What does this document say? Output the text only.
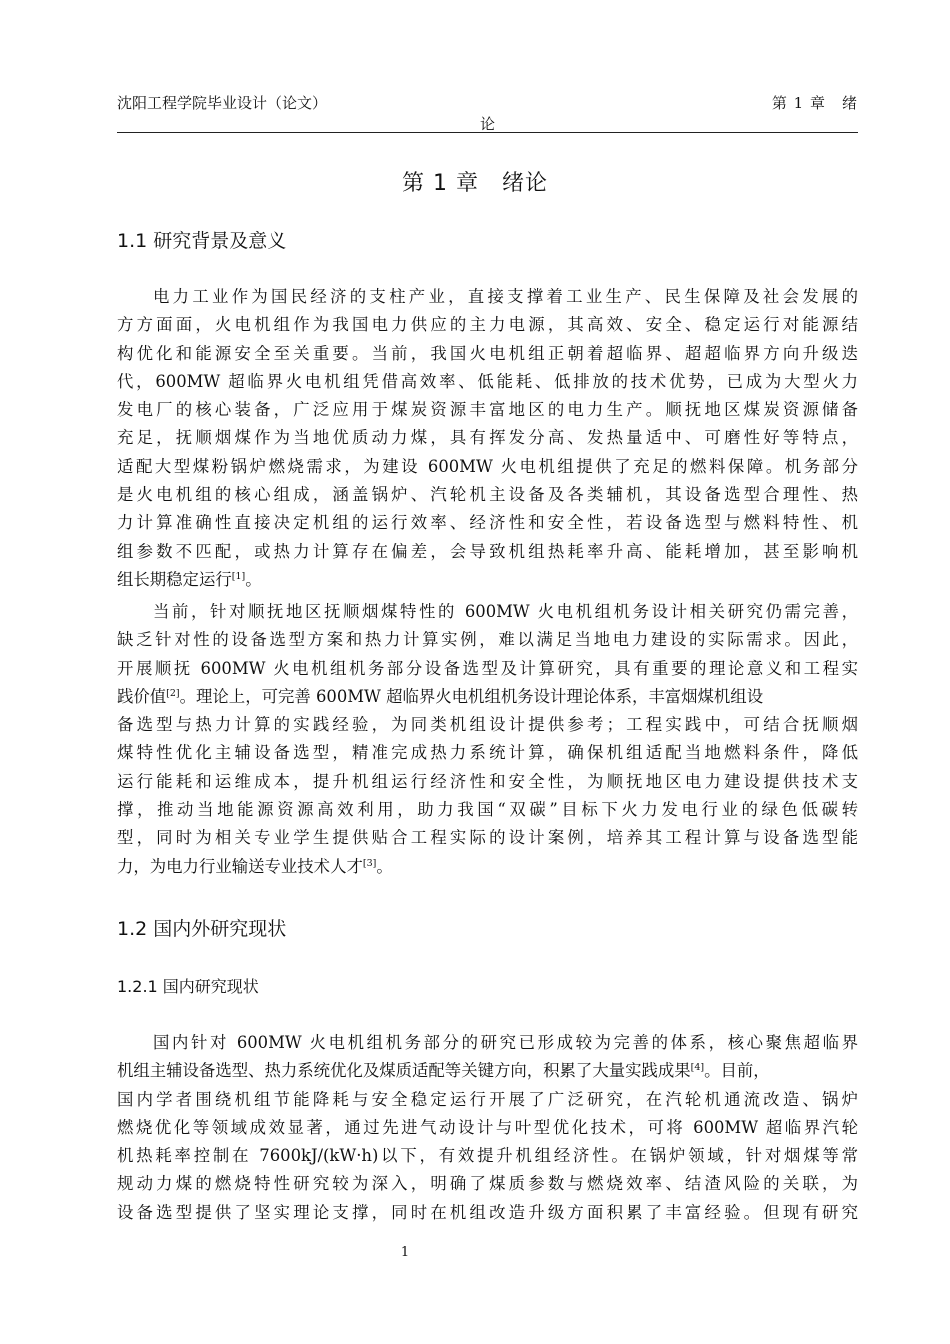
沈阳工程学院毕业设计（论文）	第 1 章　绪
论
第 1 章　绪论
1.1 研究背景及意义
电力工业作为国民经济的支柱产业，直接支撑着工业生产、民生保障及社会发展的
方方面面，火电机组作为我国电力供应的主力电源，其高效、安全、稳定运行对能源结
构优化和能源安全至关重要。当前，我国火电机组正朝着超临界、超超临界方向升级迭
代，600MW 超临界火电机组凭借高效率、低能耗、低排放的技术优势，已成为大型火力
发电厂的核心装备，广泛应用于煤炭资源丰富地区的电力生产。顺抚地区煤炭资源储备
充足，抚顺烟煤作为当地优质动力煤，具有挥发分高、发热量适中、可磨性好等特点，
适配大型煤粉锅炉燃烧需求，为建设 600MW 火电机组提供了充足的燃料保障。机务部分
是火电机组的核心组成，涵盖锅炉、汽轮机主设备及各类辅机，其设备选型合理性、热
力计算准确性直接决定机组的运行效率、经济性和安全性，若设备选型与燃料特性、机
组参数不匹配，或热力计算存在偏差，会导致机组热耗率升高、能耗增加，甚至影响机
组长期稳定运行[1]。
当前，针对顺抚地区抚顺烟煤特性的 600MW 火电机组机务设计相关研究仍需完善，
缺乏针对性的设备选型方案和热力计算实例，难以满足当地电力建设的实际需求。因此，
开展顺抚 600MW 火电机组机务部分设备选型及计算研究，具有重要的理论意义和工程实
践价值[2]。理论上，可完善 600MW 超临界火电机组机务设计理论体系，丰富烟煤机组设
备选型与热力计算的实践经验，为同类机组设计提供参考；工程实践中，可结合抚顺烟
煤特性优化主辅设备选型，精准完成热力系统计算，确保机组适配当地燃料条件，降低
运行能耗和运维成本，提升机组运行经济性和安全性，为顺抚地区电力建设提供技术支
撑，推动当地能源资源高效利用，助力我国“双碳”目标下火力发电行业的绿色低碳转
型，同时为相关专业学生提供贴合工程实际的设计案例，培养其工程计算与设备选型能
力，为电力行业输送专业技术人才[3]。
1.2 国内外研究现状
1.2.1 国内研究现状
国内针对 600MW 火电机组机务部分的研究已形成较为完善的体系，核心聚焦超临界
机组主辅设备选型、热力系统优化及煤质适配等关键方向，积累了大量实践成果[4]。目前，
国内学者围绕机组节能降耗与安全稳定运行开展了广泛研究，在汽轮机通流改造、锅炉
燃烧优化等领域成效显著，通过先进气动设计与叶型优化技术，可将 600MW 超临界汽轮
机热耗率控制在 7600kJ/(kW·h)以下，有效提升机组经济性。在锅炉领域，针对烟煤等常
规动力煤的燃烧特性研究较为深入，明确了煤质参数与燃烧效率、结渣风险的关联，为
设备选型提供了坚实理论支撑，同时在机组改造升级方面积累了丰富经验。但现有研究
1
